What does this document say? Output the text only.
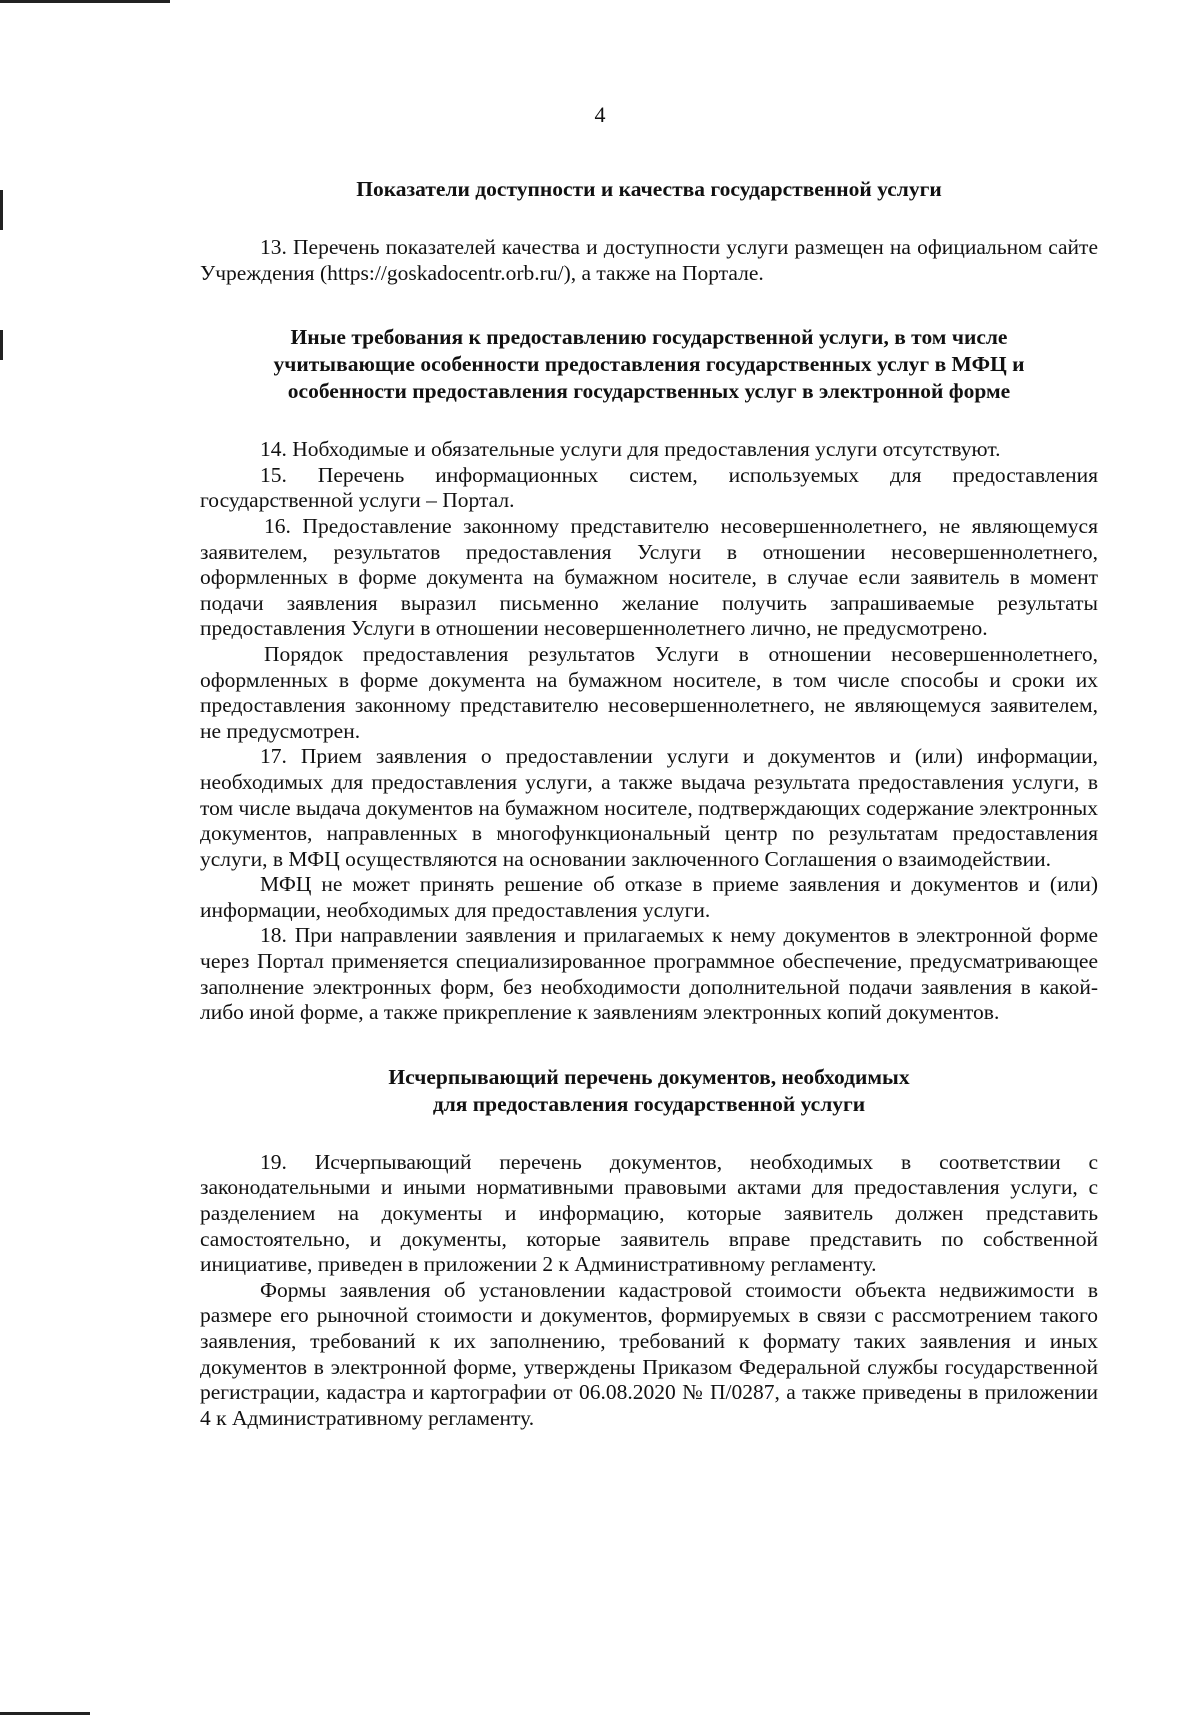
4
Показатели доступности и качества государственной услуги

13. Перечень показателей качества и доступности услуги размещен на официальном сайте Учреждения (https://goskadocentr.orb.ru/), а также на Портале.

Иные требования к предоставлению государственной услуги, в том числе
учитывающие особенности предоставления государственных услуг в МФЦ и
особенности предоставления государственных услуг в электронной форме

14. Нобходимые и обязательные услуги для предоставления услуги отсутствуют.

15. Перечень информационных систем, используемых для предоставления государственной услуги – Портал.

16. Предоставление законному представителю несовершеннолетнего, не являющемуся заявителем, результатов предоставления Услуги в отношении несовершеннолетнего, оформленных в форме документа на бумажном носителе, в случае если заявитель в момент подачи заявления выразил письменно желание получить запрашиваемые результаты предоставления Услуги в отношении несовершеннолетнего лично, не предусмотрено.

Порядок предоставления результатов Услуги в отношении несовершеннолетнего, оформленных в форме документа на бумажном носителе, в том числе способы и сроки их предоставления законному представителю несовершеннолетнего, не являющемуся заявителем, не предусмотрен.

17. Прием заявления о предоставлении услуги и документов и (или) информации, необходимых для предоставления услуги, а также выдача результата предоставления услуги, в том числе выдача документов на бумажном носителе, подтверждающих содержание электронных документов, направленных в многофункциональный центр по результатам предоставления услуги, в МФЦ осуществляются на основании заключенного Соглашения о взаимодействии.

МФЦ не может принять решение об отказе в приеме заявления и документов и (или) информации, необходимых для предоставления услуги.

18. При направлении заявления и прилагаемых к нему документов в электронной форме через Портал применяется специализированное программное обеспечение, предусматривающее заполнение электронных форм, без необходимости дополнительной подачи заявления в какой-либо иной форме, а также прикрепление к заявлениям электронных копий документов.

Исчерпывающий перечень документов, необходимых
для предоставления государственной услуги

19. Исчерпывающий перечень документов, необходимых в соответствии с законодательными и иными нормативными правовыми актами для предоставления услуги, с разделением на документы и информацию, которые заявитель должен представить самостоятельно, и документы, которые заявитель вправе представить по собственной инициативе, приведен в приложении 2 к Административному регламенту.

Формы заявления об установлении кадастровой стоимости объекта недвижимости в размере его рыночной стоимости и документов, формируемых в связи с рассмотрением такого заявления, требований к их заполнению, требований к формату таких заявления и иных документов в электронной форме, утверждены Приказом Федеральной службы государственной регистрации, кадастра и картографии от 06.08.2020 № П/0287, а также приведены в приложении 4 к Административному регламенту.
